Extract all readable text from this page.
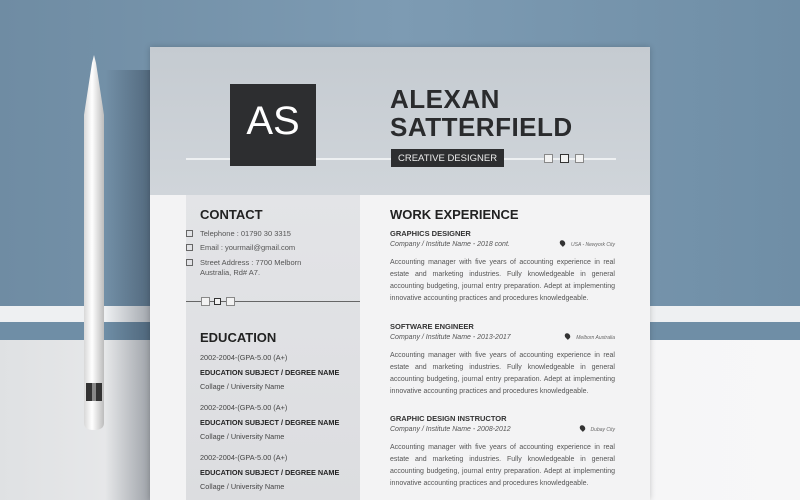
AS	ALEXAN
SATTERFIELD
CREATIVE DESIGNER
CONTACT
Telephone : 01790 30 3315
Email : yourmail@gmail.com
Street Address : 7700 Melborn
Australia, Rd# A7.
EDUCATION
2002-2004-(GPA-5.00 (A+)
EDUCATION SUBJECT / DEGREE NAME
Collage / University Name
2002-2004-(GPA-5.00 (A+)
EDUCATION SUBJECT / DEGREE NAME
Collage / University Name
2002-2004-(GPA-5.00 (A+)
EDUCATION SUBJECT / DEGREE NAME
Collage / University Name
WORK EXPERIENCE
GRAPHICS DESIGNER
Company / Institute Name - 2018 cont.	USA - Newyork City
Accounting manager with five years of accounting experience in real estate and marketing industries. Fully knowledgeable in general accounting budgeting, journal entry preparation. Adept at implementing innovative accounting practices and procedures knowledgeable.
SOFTWARE ENGINEER
Company / Institute Name - 2013-2017	Melborn Australia
Accounting manager with five years of accounting experience in real estate and marketing industries. Fully knowledgeable in general accounting budgeting, journal entry preparation. Adept at implementing innovative accounting practices and procedures knowledgeable.
GRAPHIC DESIGN INSTRUCTOR
Company / Institute Name - 2008-2012	Dubay City
Accounting manager with five years of accounting experience in real estate and marketing industries. Fully knowledgeable in general accounting budgeting, journal entry preparation. Adept at implementing innovative accounting practices and procedures knowledgeable.
